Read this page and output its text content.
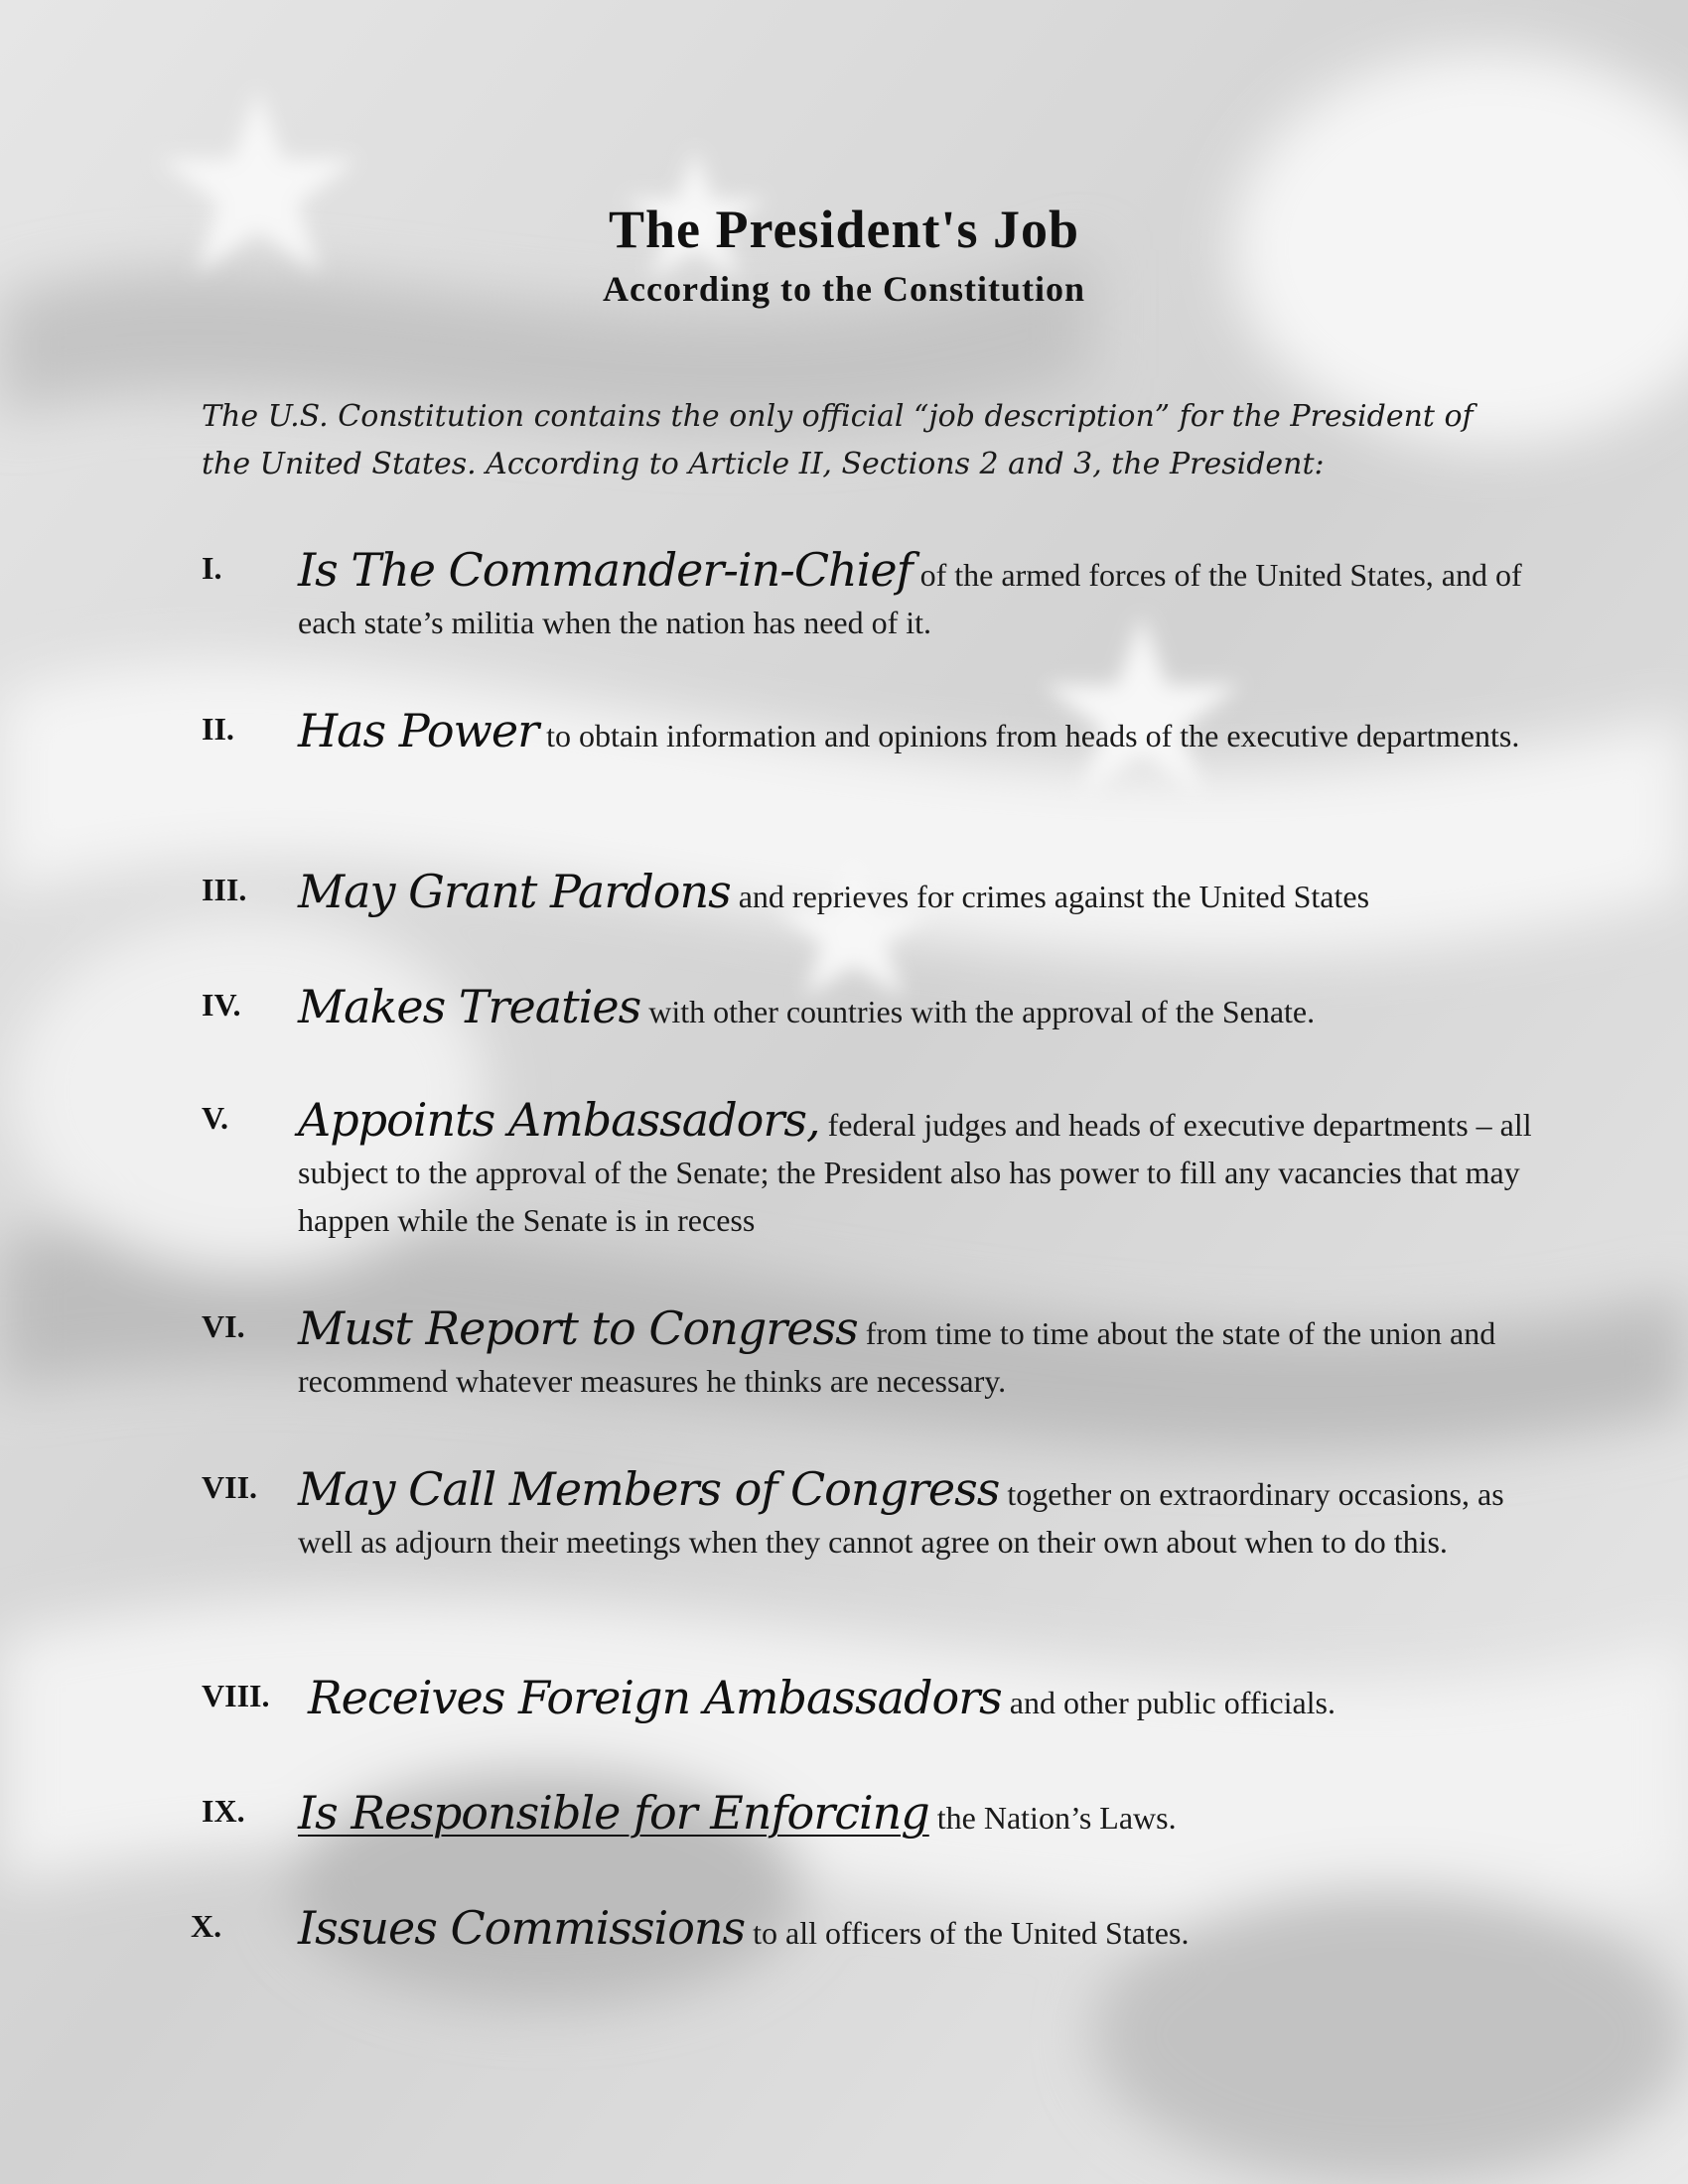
The President's Job
According to the Constitution

The U.S. Constitution contains the only official “job description” for the President of the United States. According to Article II, Sections 2 and 3, the President:

I. Is The Commander-in-Chief of the armed forces of the United States, and of each state’s militia when the nation has need of it.

II. Has Power to obtain information and opinions from heads of the executive departments.

III. May Grant Pardons and reprieves for crimes against the United States

IV. Makes Treaties with other countries with the approval of the Senate.

V. Appoints Ambassadors, federal judges and heads of executive departments – all subject to the approval of the Senate; the President also has power to fill any vacancies that may happen while the Senate is in recess

VI. Must Report to Congress from time to time about the state of the union and recommend whatever measures he thinks are necessary.

VII. May Call Members of Congress together on extraordinary occasions, as well as adjourn their meetings when they cannot agree on their own about when to do this.

VIII. Receives Foreign Ambassadors and other public officials.

IX. Is Responsible for Enforcing the Nation’s Laws.

X. Issues Commissions to all officers of the United States.
